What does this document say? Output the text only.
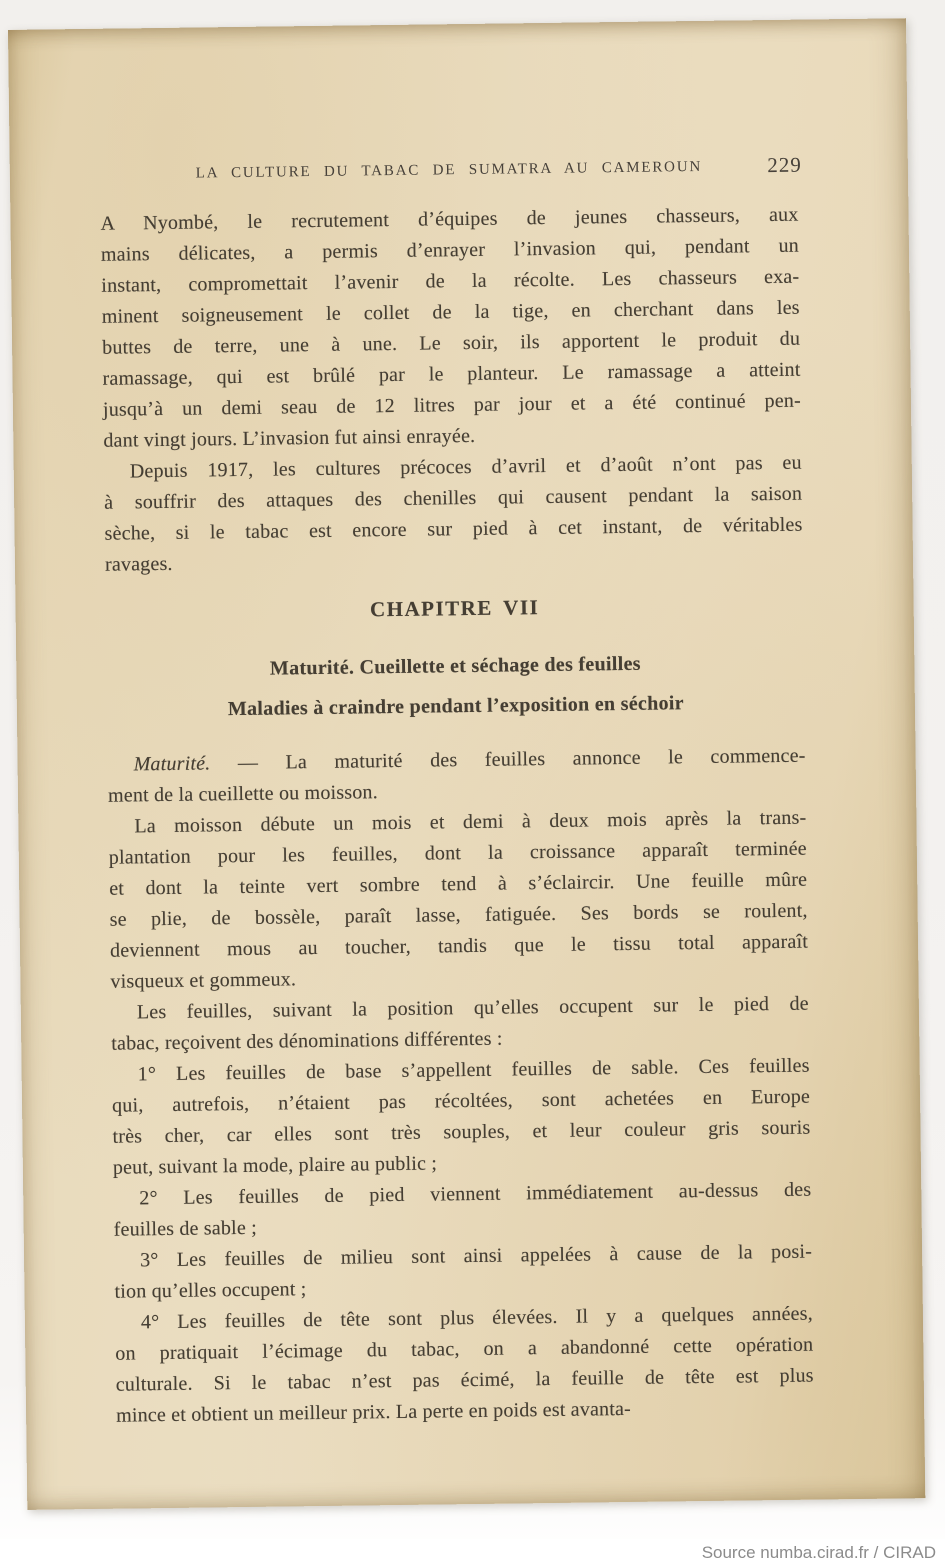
LA CULTURE DU TABAC DE SUMATRA AU CAMEROUN	229
A Nyombé, le recrutement d’équipes de jeunes chasseurs, aux
mains délicates, a permis d’enrayer l’invasion qui, pendant un
instant, compromettait l’avenir de la récolte. Les chasseurs exa-
minent soigneusement le collet de la tige, en cherchant dans les
buttes de terre, une à une. Le soir, ils apportent le produit du
ramassage, qui est brûlé par le planteur. Le ramassage a atteint
jusqu’à un demi seau de 12 litres par jour et a été continué pen-
dant vingt jours. L’invasion fut ainsi enrayée.
Depuis 1917, les cultures précoces d’avril et d’août n’ont pas eu
à souffrir des attaques des chenilles qui causent pendant la saison
sèche, si le tabac est encore sur pied à cet instant, de véritables
ravages.
CHAPITRE VII
Maturité. Cueillette et séchage des feuilles
Maladies à craindre pendant l’exposition en séchoir
Maturité. — La maturité des feuilles annonce le commence-
ment de la cueillette ou moisson.
La moisson débute un mois et demi à deux mois après la trans-
plantation pour les feuilles, dont la croissance apparaît terminée
et dont la teinte vert sombre tend à s’éclaircir. Une feuille mûre
se plie, de bossèle, paraît lasse, fatiguée. Ses bords se roulent,
deviennent mous au toucher, tandis que le tissu total apparaît
visqueux et gommeux.
Les feuilles, suivant la position qu’elles occupent sur le pied de
tabac, reçoivent des dénominations différentes :
1° Les feuilles de base s’appellent feuilles de sable. Ces feuilles
qui, autrefois, n’étaient pas récoltées, sont achetées en Europe
très cher, car elles sont très souples, et leur couleur gris souris
peut, suivant la mode, plaire au public ;
2° Les feuilles de pied viennent immédiatement au-dessus des
feuilles de sable ;
3° Les feuilles de milieu sont ainsi appelées à cause de la posi-
tion qu’elles occupent ;
4° Les feuilles de tête sont plus élevées. Il y a quelques années,
on pratiquait l’écimage du tabac, on a abandonné cette opération
culturale. Si le tabac n’est pas écimé, la feuille de tête est plus
mince et obtient un meilleur prix. La perte en poids est avanta-
Source numba.cirad.fr / CIRAD
